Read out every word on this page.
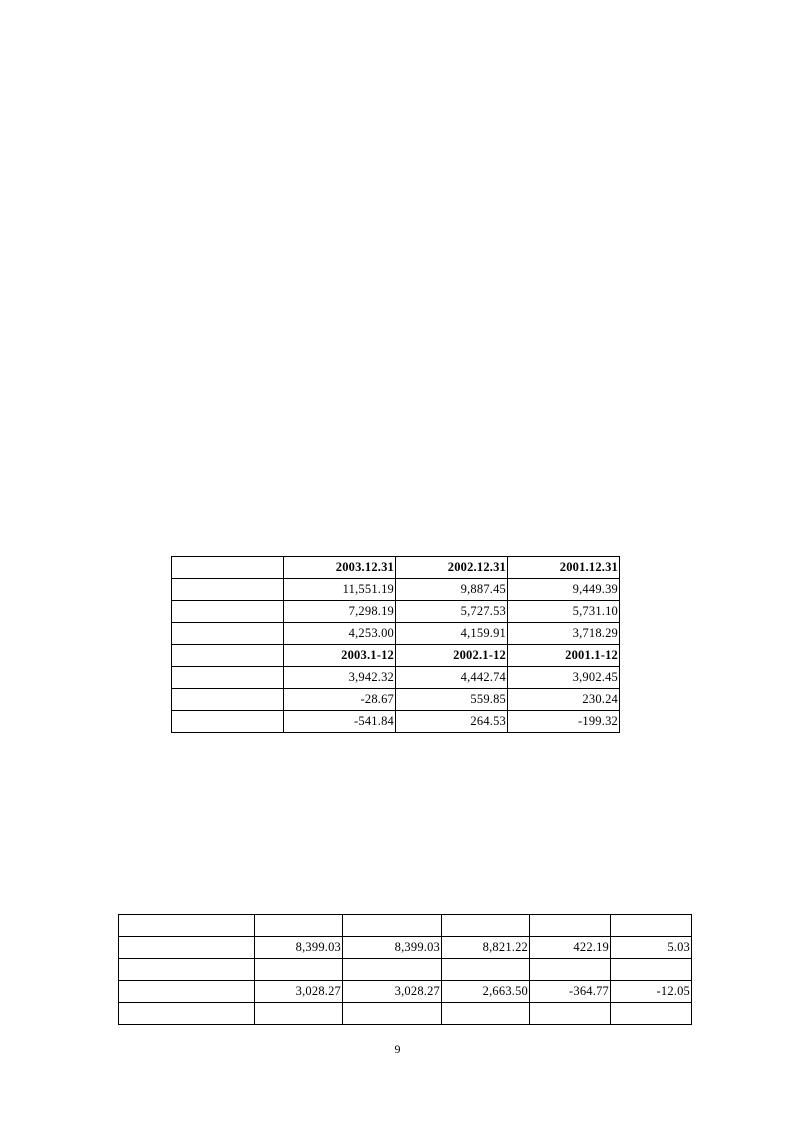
	2003.12.31	2002.12.31	2001.12.31
	11,551.19	9,887.45	9,449.39
	7,298.19	5,727.53	5,731.10
	4,253.00	4,159.91	3,718.29
	2003.1-12	2002.1-12	2001.1-12
	3,942.32	4,442.74	3,902.45
	-28.67	559.85	230.24
	-541.84	264.53	-199.32

	8,399.03	8,399.03	8,821.22	422.19	5.03

	3,028.27	3,028.27	2,663.50	-364.77	-12.05

9
